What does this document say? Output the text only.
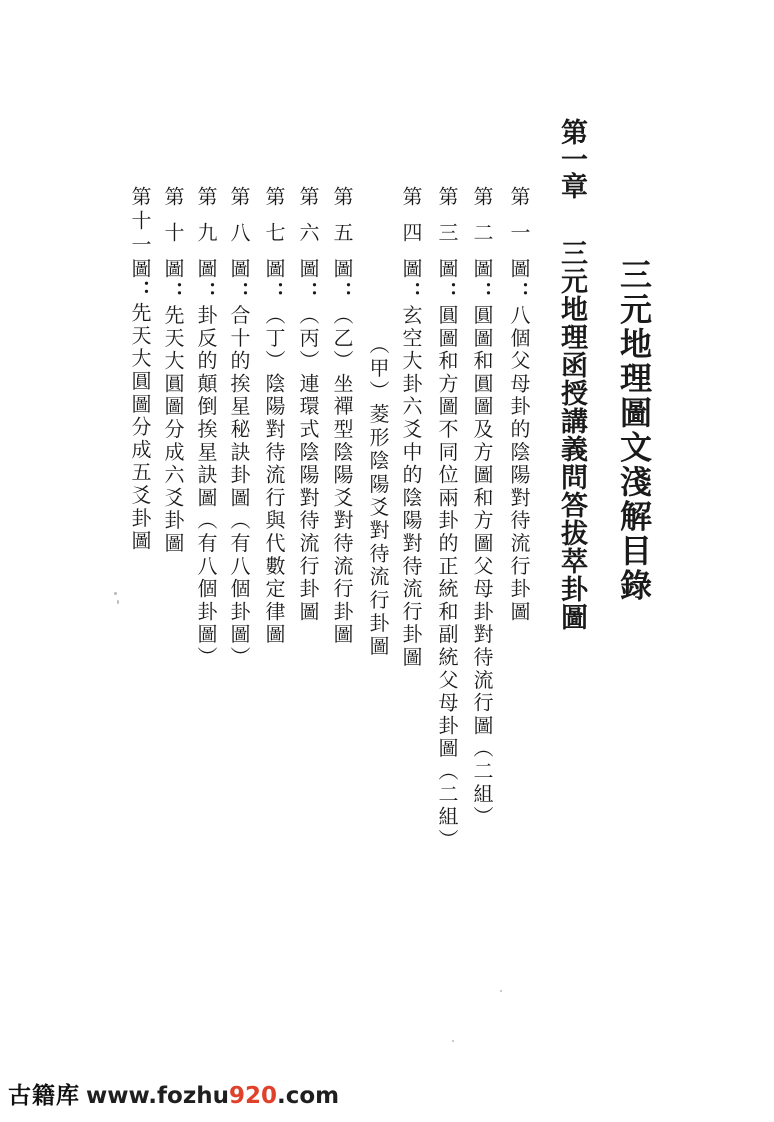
三元地理圖文淺解目錄
第一章三元地理函授講義問答拔萃卦圖
第一圖：八個父母卦的陰陽對待流行卦圖
第二圖：圓圖和圓圖及方圖和方圖父母卦對待流行圖（二組）
第三圖：圓圖和方圖不同位兩卦的正統和副統父母卦圖（二組）
第四圖：玄空大卦六爻中的陰陽對待流行卦圖
（甲）菱形陰陽爻對待流行卦圖
第五圖：（乙）坐禪型陰陽爻對待流行卦圖
第六圖：（丙）連環式陰陽對待流行卦圖
第七圖：（丁）陰陽對待流行與代數定律圖
第八圖：合十的挨星秘訣卦圖（有八個卦圖）
第九圖：卦反的顛倒挨星訣圖（有八個卦圖）
第十圖：先天大圓圖分成六爻卦圖
第十一圖：先天大圓圖分成五爻卦圖
古籍库 www.fozhu920.com
